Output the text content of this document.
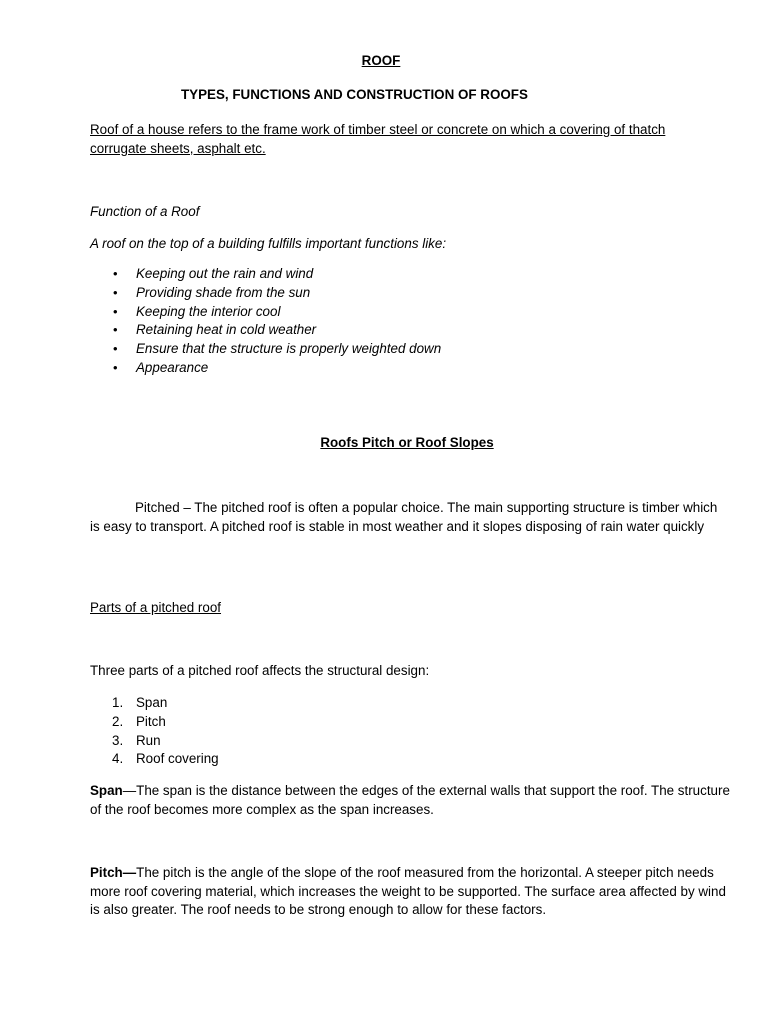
ROOF

TYPES, FUNCTIONS AND CONSTRUCTION OF ROOFS

Roof of a house refers to the frame work of timber steel or concrete on which a covering of thatch corrugate sheets, asphalt etc.

Function of a Roof

A roof on the top of a building fulfills important functions like:

• Keeping out the rain and wind
• Providing shade from the sun
• Keeping the interior cool
• Retaining heat in cold weather
• Ensure that the structure is properly weighted down
• Appearance

Roofs Pitch or Roof Slopes

Pitched – The pitched roof is often a popular choice. The main supporting structure is timber which is easy to transport. A pitched roof is stable in most weather and it slopes disposing of rain water quickly

Parts of a pitched roof

Three parts of a pitched roof affects the structural design:

1. Span
2. Pitch
3. Run
4. Roof covering

Span—The span is the distance between the edges of the external walls that support the roof. The structure of the roof becomes more complex as the span increases.

Pitch—The pitch is the angle of the slope of the roof measured from the horizontal. A steeper pitch needs more roof covering material, which increases the weight to be supported. The surface area affected by wind is also greater. The roof needs to be strong enough to allow for these factors.
